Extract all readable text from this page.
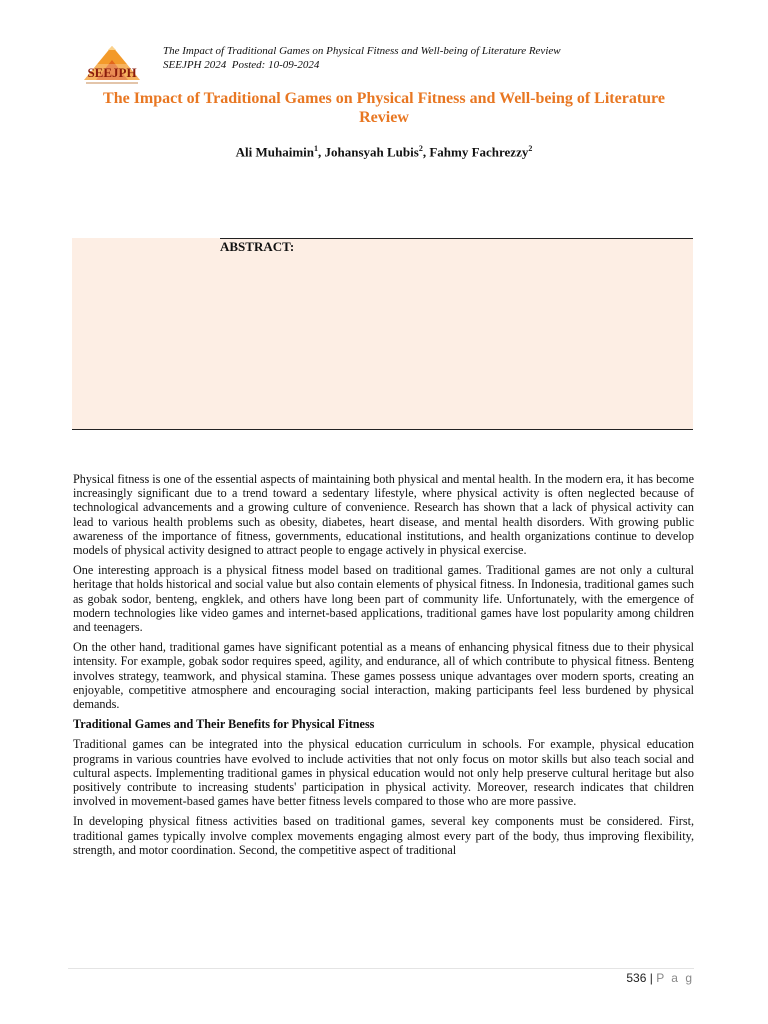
SEEJPH
The Impact of Traditional Games on Physical Fitness and Well-being of Literature Review
SEEJPH 2024  Posted: 10-09-2024
The Impact of Traditional Games on Physical Fitness and Well-being of Literature Review
Ali Muhaimin$^1$, Johansyah Lubis$^2$, Fahmy Fachrezzy$^2$
ABSTRACT:

Physical fitness is one of the essential aspects of maintaining both physical and mental health. In the modern era, it has become increasingly significant due to a trend toward a sedentary lifestyle, where physical activity is often neglected because of technological advancements and a growing culture of convenience. Research has shown that a lack of physical activity can lead to various health problems such as obesity, diabetes, heart disease, and mental health disorders. With growing public awareness of the importance of fitness, governments, educational institutions, and health organizations continue to develop models of physical activity designed to attract people to engage actively in physical exercise.

One interesting approach is a physical fitness model based on traditional games. Traditional games are not only a cultural heritage that holds historical and social value but also contain elements of physical fitness. In Indonesia, traditional games such as gobak sodor, benteng, engklek, and others have long been part of community life. Unfortunately, with the emergence of modern technologies like video games and internet-based applications, traditional games have lost popularity among children and teenagers.

On the other hand, traditional games have significant potential as a means of enhancing physical fitness due to their physical intensity. For example, gobak sodor requires speed, agility, and endurance, all of which contribute to physical fitness. Benteng involves strategy, teamwork, and physical stamina. These games possess unique advantages over modern sports, creating an enjoyable, competitive atmosphere and encouraging social interaction, making participants feel less burdened by physical demands.

Traditional Games and Their Benefits for Physical Fitness

Traditional games can be integrated into the physical education curriculum in schools. For example, physical education programs in various countries have evolved to include activities that not only focus on motor skills but also teach social and cultural aspects. Implementing traditional games in physical education would not only help preserve cultural heritage but also positively contribute to increasing students' participation in physical activity. Moreover, research indicates that children involved in movement-based games have better fitness levels compared to those who are more passive.

In developing physical fitness activities based on traditional games, several key components must be considered. First, traditional games typically involve complex movements engaging almost every part of the body, thus improving flexibility, strength, and motor coordination. Second, the competitive aspect of traditional

536 | P a g
